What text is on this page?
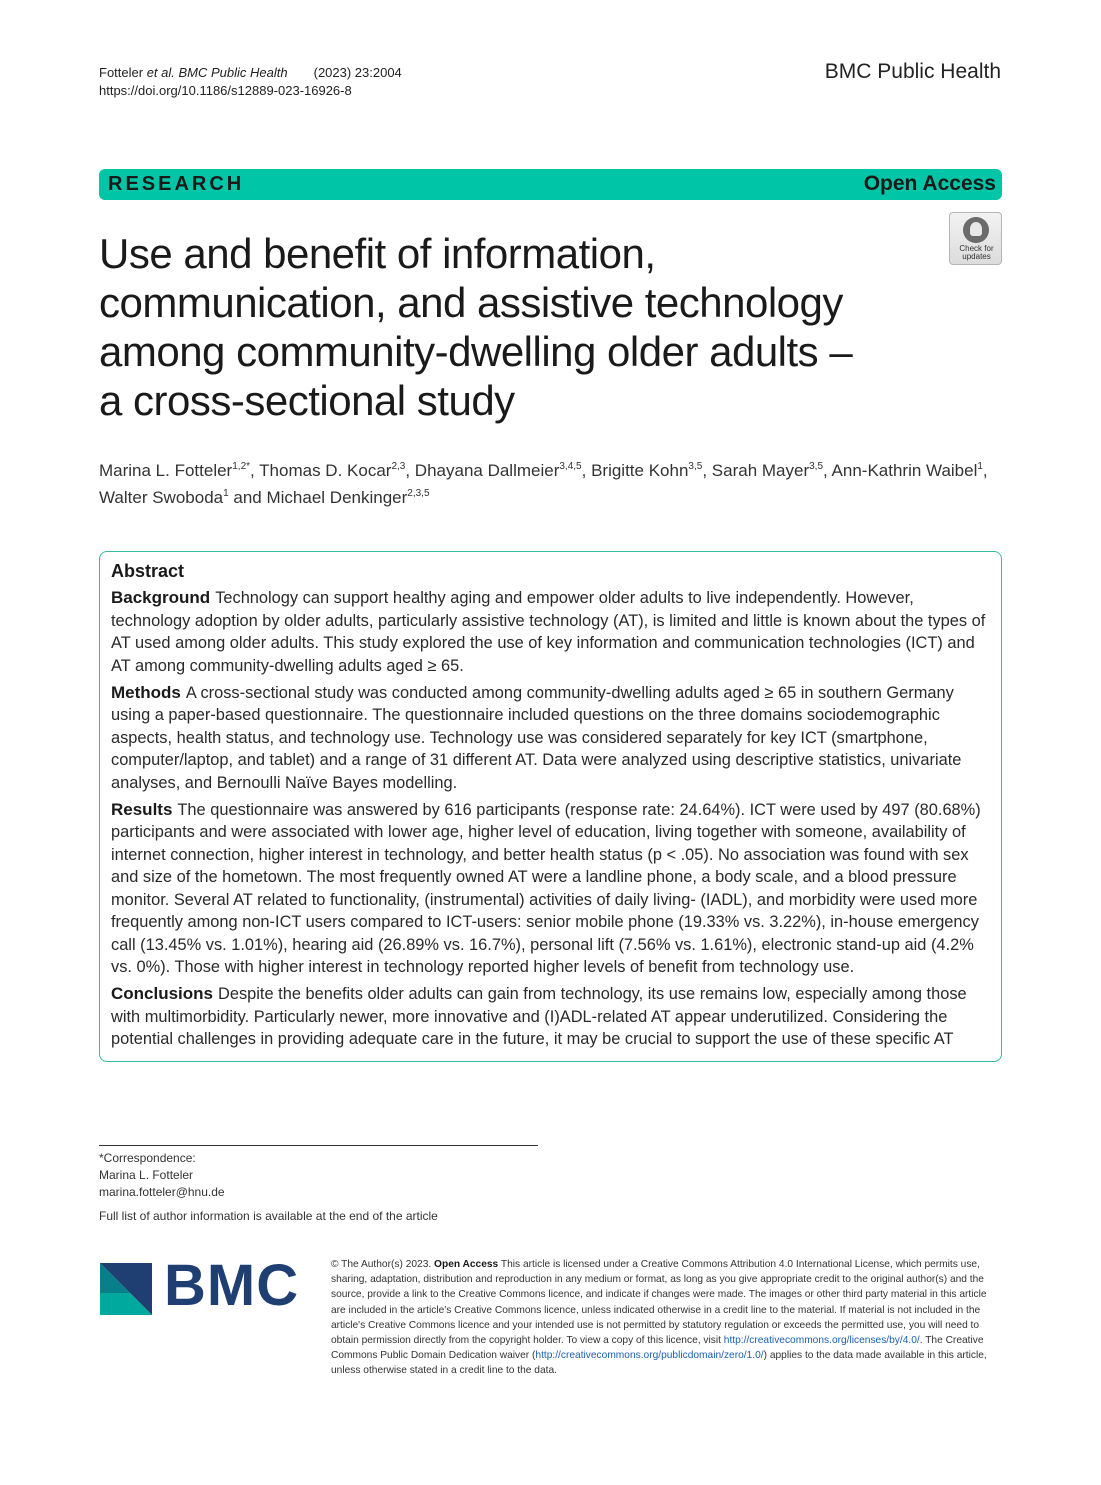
Fotteler et al. BMC Public Health (2023) 23:2004
https://doi.org/10.1186/s12889-023-16926-8
BMC Public Health
RESEARCH	Open Access
Check for
updates
Use and benefit of information,
communication, and assistive technology
among community-dwelling older adults –
a cross-sectional study
Marina L. Fotteler$^{1,2*}$, Thomas D. Kocar$^{2,3}$, Dhayana Dallmeier$^{3,4,5}$, Brigitte Kohn$^{3,5}$, Sarah Mayer$^{3,5}$, Ann-Kathrin Waibel$^1$,
Walter Swoboda$^1$ and Michael Denkinger$^{2,3,5}$
Abstract

Background Technology can support healthy aging and empower older adults to live independently. However, technology adoption by older adults, particularly assistive technology (AT), is limited and little is known about the types of AT used among older adults. This study explored the use of key information and communication technologies (ICT) and AT among community-dwelling adults aged ≥ 65.

Methods A cross-sectional study was conducted among community-dwelling adults aged ≥ 65 in southern Germany using a paper-based questionnaire. The questionnaire included questions on the three domains sociodemographic aspects, health status, and technology use. Technology use was considered separately for key ICT (smartphone, computer/laptop, and tablet) and a range of 31 different AT. Data were analyzed using descriptive statistics, univariate analyses, and Bernoulli Naïve Bayes modelling.

Results The questionnaire was answered by 616 participants (response rate: 24.64%). ICT were used by 497 (80.68%) participants and were associated with lower age, higher level of education, living together with someone, availability of internet connection, higher interest in technology, and better health status (p < .05). No association was found with sex and size of the hometown. The most frequently owned AT were a landline phone, a body scale, and a blood pressure monitor. Several AT related to functionality, (instrumental) activities of daily living- (IADL), and morbidity were used more frequently among non-ICT users compared to ICT-users: senior mobile phone (19.33% vs. 3.22%), in-house emergency call (13.45% vs. 1.01%), hearing aid (26.89% vs. 16.7%), personal lift (7.56% vs. 1.61%), electronic stand-up aid (4.2% vs. 0%). Those with higher interest in technology reported higher levels of benefit from technology use.

Conclusions Despite the benefits older adults can gain from technology, its use remains low, especially among those with multimorbidity. Particularly newer, more innovative and (I)ADL-related AT appear underutilized. Considering the potential challenges in providing adequate care in the future, it may be crucial to support the use of these specific AT

*Correspondence:
Marina L. Fotteler
marina.fotteler@hnu.de
Full list of author information is available at the end of the article
BMC	© The Author(s) 2023. Open Access This article is licensed under a Creative Commons Attribution 4.0 International License, which permits use, sharing, adaptation, distribution and reproduction in any medium or format, as long as you give appropriate credit to the original author(s) and the source, provide a link to the Creative Commons licence, and indicate if changes were made. The images or other third party material in this article are included in the article's Creative Commons licence, unless indicated otherwise in a credit line to the material. If material is not included in the article's Creative Commons licence and your intended use is not permitted by statutory regulation or exceeds the permitted use, you will need to obtain permission directly from the copyright holder. To view a copy of this licence, visit http://creativecommons.org/licenses/by/4.0/. The Creative Commons Public Domain Dedication waiver (http://creativecommons.org/publicdomain/zero/1.0/) applies to the data made available in this article, unless otherwise stated in a credit line to the data.
